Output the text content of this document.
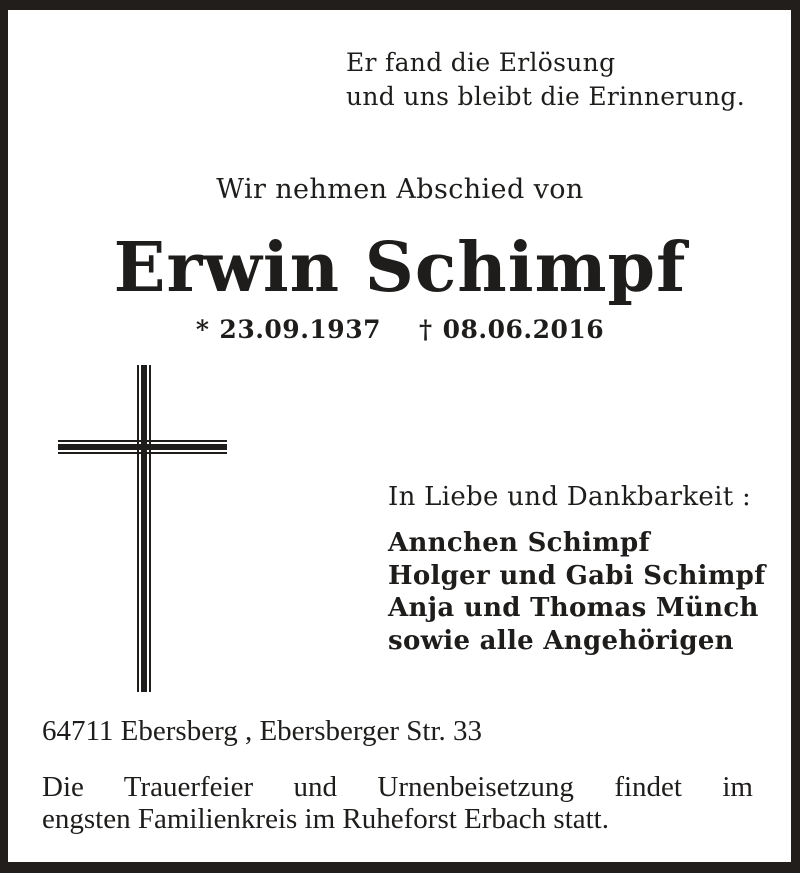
Er fand die Erlösung
und uns bleibt die Erinnerung.
Wir nehmen Abschied von
Erwin Schimpf
* 23.09.1937 † 08.06.2016
In Liebe und Dankbarkeit :
Annchen Schimpf
Holger und Gabi Schimpf
Anja und Thomas Münch
sowie alle Angehörigen
64711 Ebersberg , Ebersberger Str. 33
Die Trauerfeier und Urnenbeisetzung findet im
engsten Familienkreis im Ruheforst Erbach statt.
